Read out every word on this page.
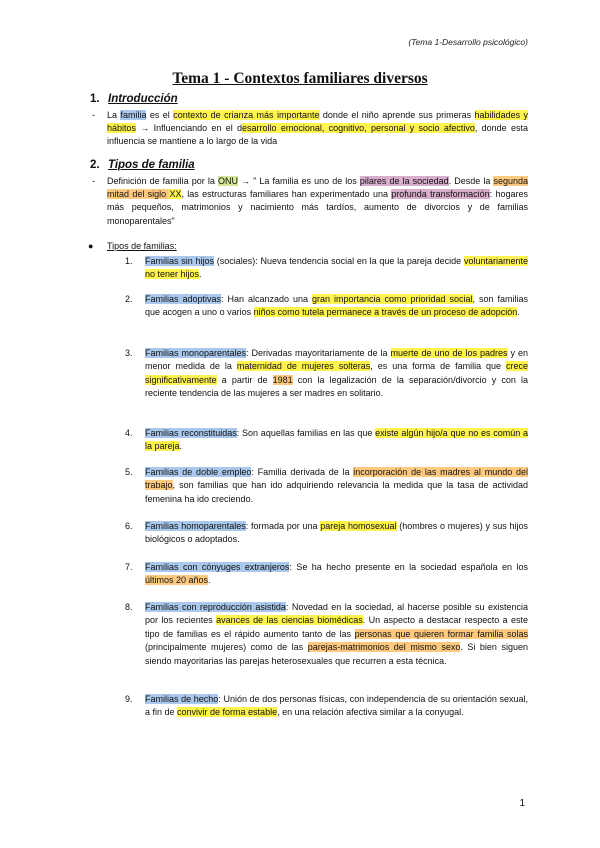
(Tema 1-Desarrollo psicológico)
Tema 1 - Contextos familiares diversos
1. Introducción
- La familia es el contexto de crianza más importante donde el niño aprende sus primeras habilidades y hábitos → Influenciando en el desarrollo emocional, cognitivo, personal y socio afectivo, donde esta influencia se mantiene a lo largo de la vida
2. Tipos de familia
- Definición de familia por la ONU → " La familia es uno de los pilares de la sociedad. Desde la segunda mitad del siglo XX, las estructuras familiares han experimentado una profunda transformación: hogares más pequeños, matrimonios y nacimiento más tardíos, aumento de divorcios y de familias monoparentales"
● Tipos de familias:
1. Familias sin hijos (sociales): Nueva tendencia social en la que la pareja decide voluntariamente no tener hijos.
2. Familias adoptivas: Han alcanzado una gran importancia como prioridad social, son familias que acogen a uno o varios niños como tutela permanece a través de un proceso de adopción.
3. Familias monoparentales: Derivadas mayoritariamente de la muerte de uno de los padres y en menor medida de la maternidad de mujeres solteras, es una forma de familia que crece significativamente a partir de 1981 con la legalización de la separación/divorcio y con la reciente tendencia de las mujeres a ser madres en solitario.
4. Familias reconstituidas: Son aquellas familias en las que existe algún hijo/a que no es común a la pareja.
5. Familias de doble empleo: Familia derivada de la incorporación de las madres al mundo del trabajo, son familias que han ido adquiriendo relevancia la medida que la tasa de actividad femenina ha ido creciendo.
6. Familias homoparentales: formada por una pareja homosexual (hombres o mujeres) y sus hijos biológicos o adoptados.
7. Familias con cónyuges extranjeros: Se ha hecho presente en la sociedad española en los últimos 20 años.
8. Familias con reproducción asistida: Novedad en la sociedad, al hacerse posible su existencia por los recientes avances de las ciencias biomédicas. Un aspecto a destacar respecto a este tipo de familias es el rápido aumento tanto de las personas que quieren formar familia solas (principalmente mujeres) como de las parejas-matrimonios del mismo sexo. Si bien siguen siendo mayoritarias las parejas heterosexuales que recurren a esta técnica.
9. Familias de hecho: Unión de dos personas físicas, con independencia de su orientación sexual, a fin de convivir de forma estable, en una relación afectiva similar a la conyugal.
1
